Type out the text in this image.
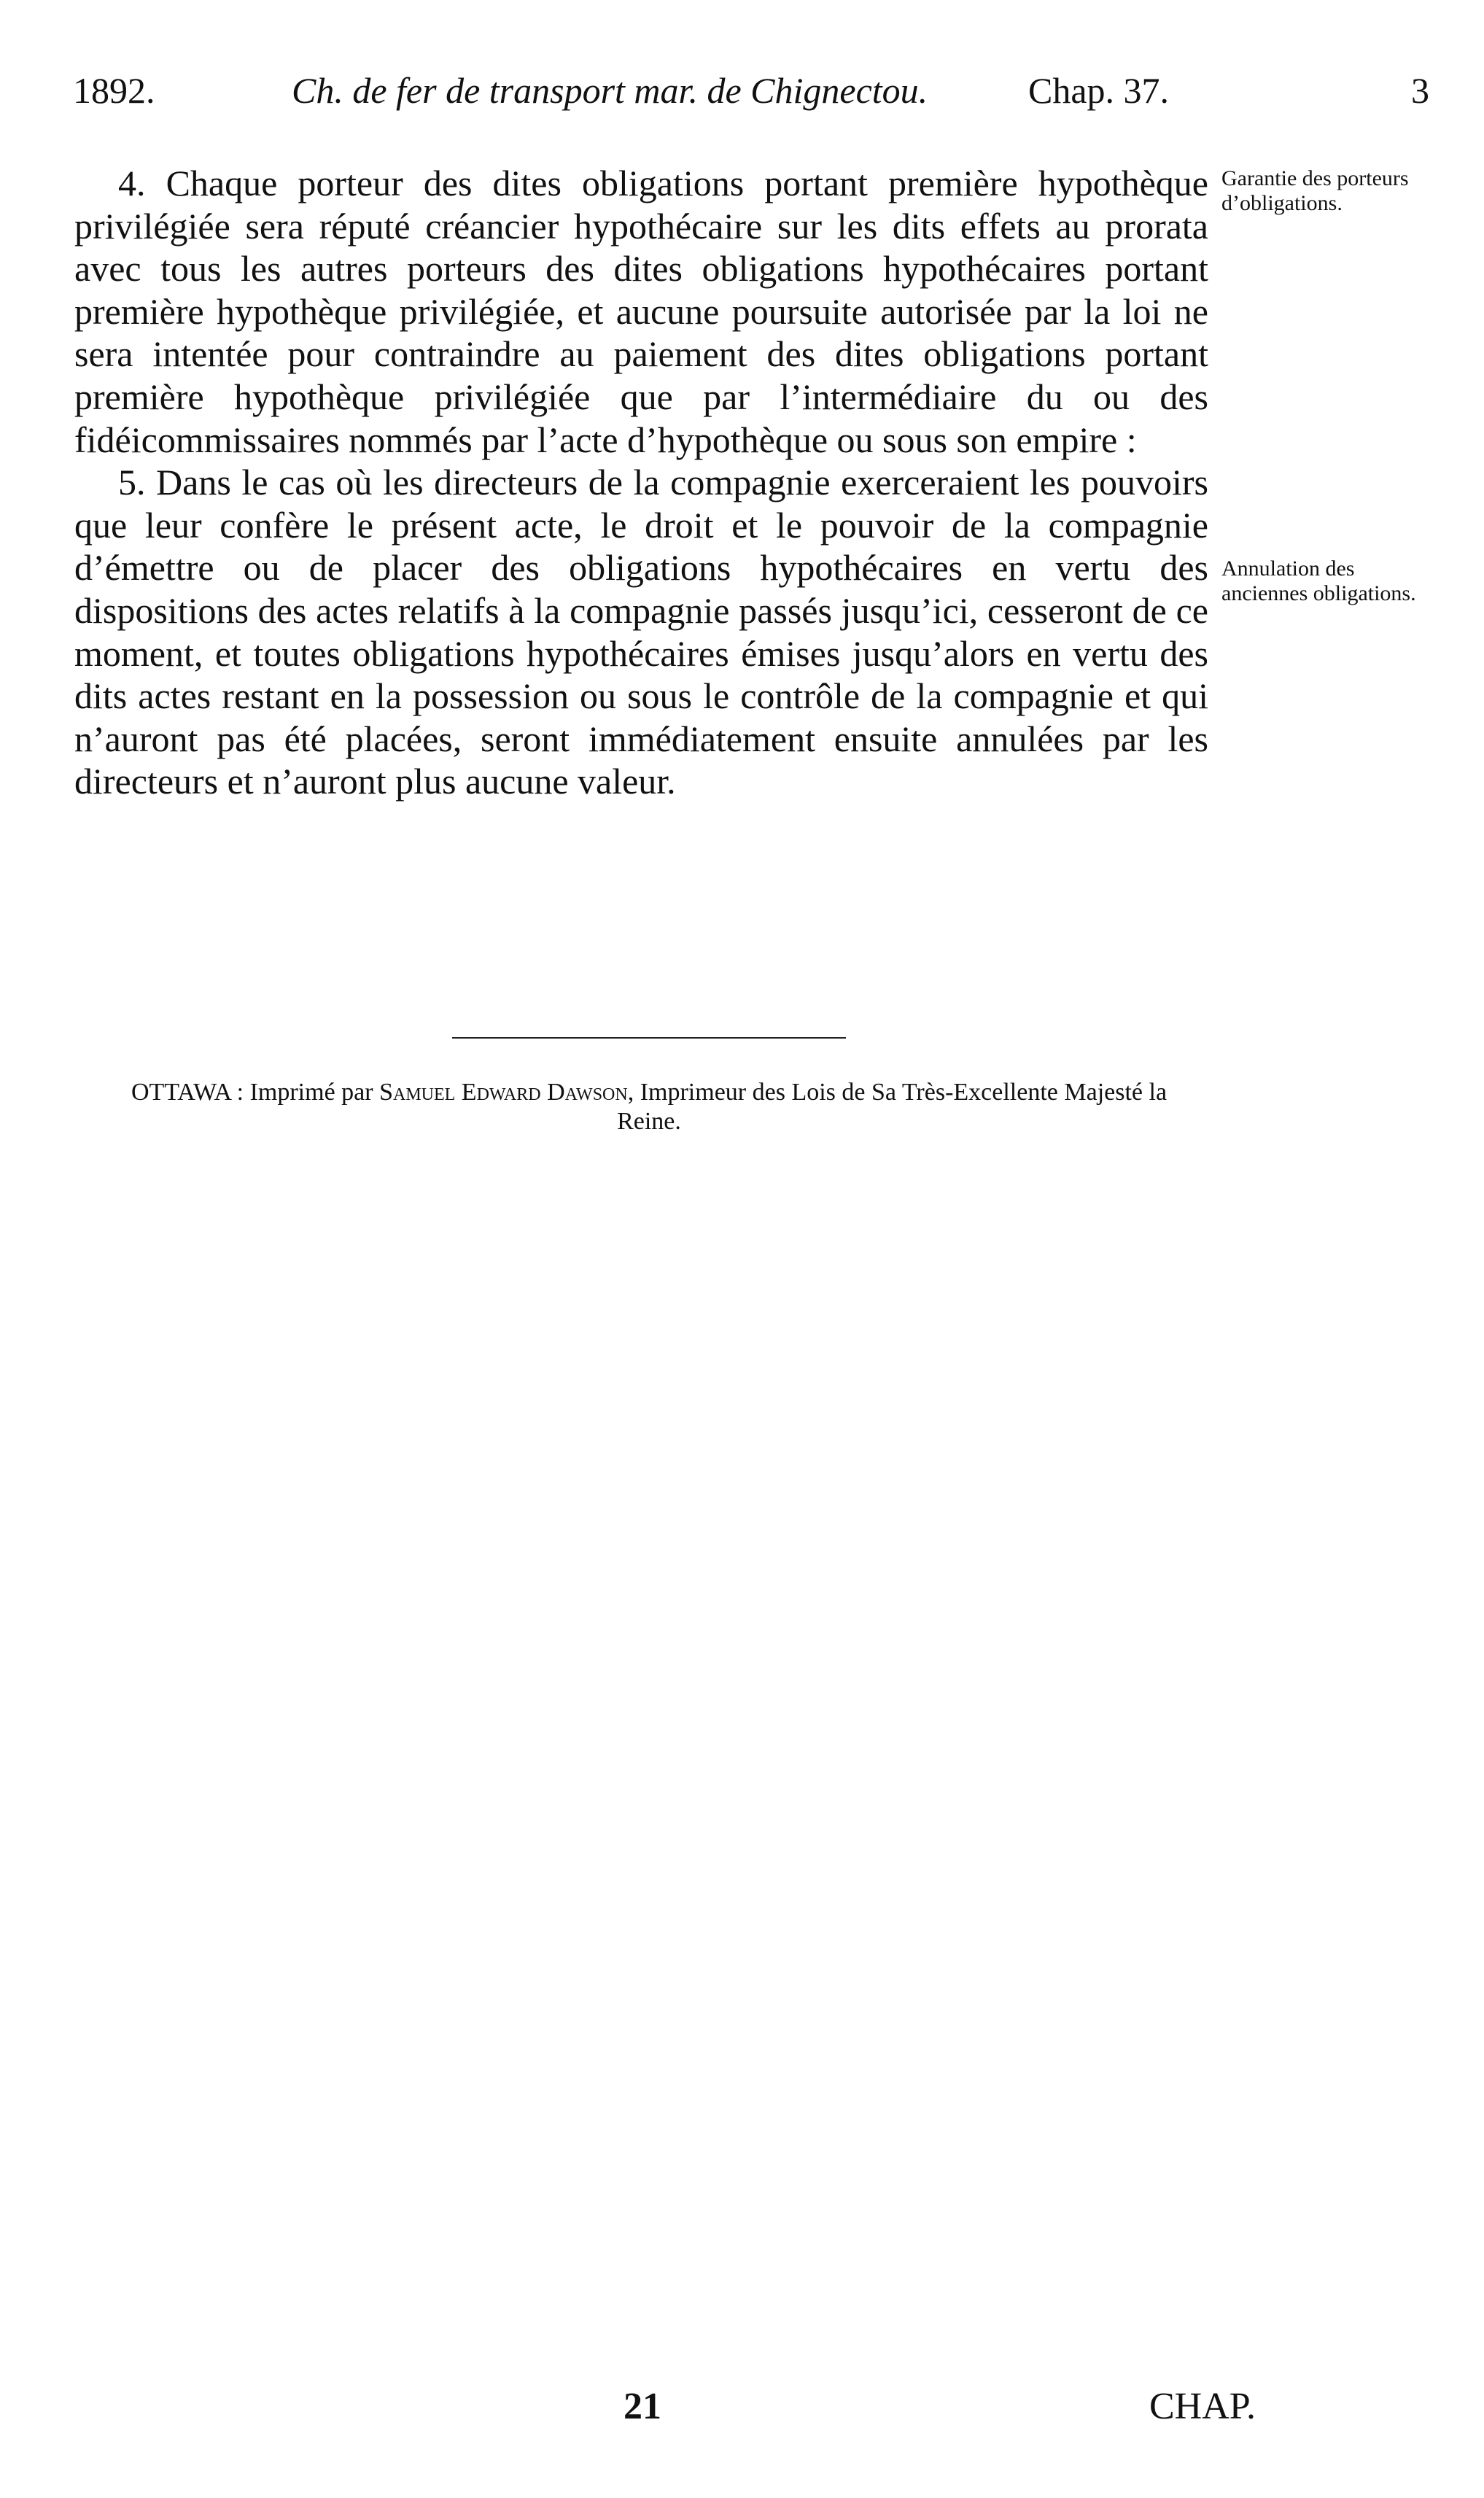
1892.	Ch. de fer de transport mar. de Chignectou.	Chap. 37.	3

4. Chaque porteur des dites obligations portant première hypothèque privilégiée sera réputé créancier hypothécaire sur les dits effets au prorata avec tous les autres porteurs des dites obligations hypothécaires portant première hypothèque privilégiée, et aucune poursuite autorisée par la loi ne sera intentée pour contraindre au paiement des dites obligations portant première hypothèque privilégiée que par l’intermédiaire du ou des fidéicommissaires nommés par l’acte d’hypothèque ou sous son empire :

5. Dans le cas où les directeurs de la compagnie exerceraient les pouvoirs que leur confère le présent acte, le droit et le pouvoir de la compagnie d’émettre ou de placer des obligations hypothécaires en vertu des dispositions des actes relatifs à la compagnie passés jusqu’ici, cesseront de ce moment, et toutes obligations hypothécaires émises jusqu’alors en vertu des dits actes restant en la possession ou sous le contrôle de la compagnie et qui n’auront pas été placées, seront immédiatement ensuite annulées par les directeurs et n’auront plus aucune valeur.

Garantie des porteurs d’obligations.
Annulation des anciennes obligations.
OTTAWA : Imprimé par Samuel Edward Dawson, Imprimeur des Lois de Sa Très-Excellente Majesté la Reine.
21	CHAP.
